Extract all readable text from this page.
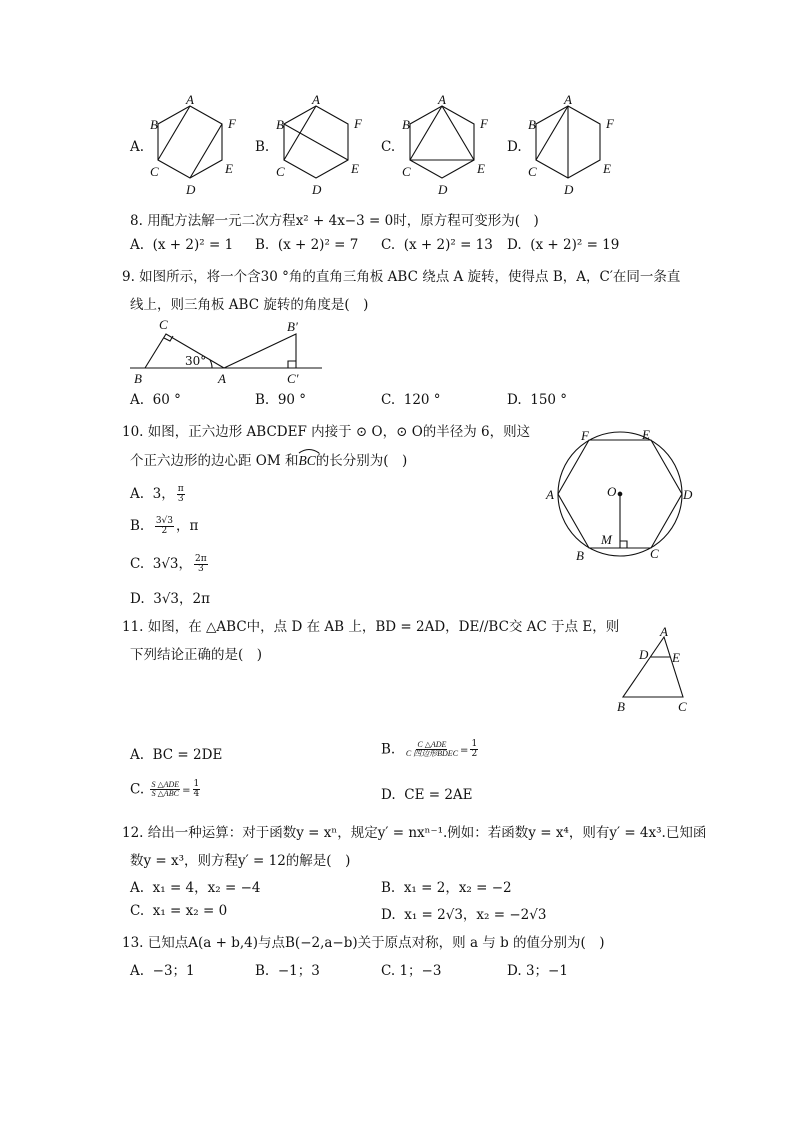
A.	B.	C.	D.
A
B	F
C	E
D
A
B	F
C	E
D
A
B	F
C	E
D
A
B	F
C	E
D
8. 用配方法解一元二次方程x² + 4x−3 = 0时，原方程可变形为(　)
A. (x + 2)² = 1 B. (x + 2)² = 7 C. (x + 2)² = 13 D. (x + 2)² = 19
9. 如图所示，将一个含30 °角的直角三角板 ABC 绕点 A 旋转，使得点 B，A，C′在同一条直
线上，则三角板 ABC 旋转的角度是(　)
C
B	A
B′
C′
30°
A. 60 °	B. 90 °	C. 120 °	D. 150 °
10. 如图，正六边形 ABCDEF 内接于 ⊙ O，⊙ O的半径为 6，则这
个正六边形的边心距 OM 和
BC的长分别为(　)
A. 3， $\frac{\pi}{3}$
B. $\frac{3√3}{2}$ ，π
C. 3√3， $\frac{2\pi}{3}$
D. 3√3，2π
F	E
A	O	D
M
B	C
11. 如图，在 △ABC中，点 D 在 AB 上，BD = 2AD，DE//BC交 AC 于点 E，则
下列结论正确的是(　)
A
D E
B	C
A. BC = 2DE	B. $\frac{\text{C △ADE}}{\text{C 四边形BDEC}} = \frac{1}{2}$
C. $\frac{\text{S △ADE}}{\text{S △ABC}} = \frac{1}{4}$	D. CE = 2AE
12. 给出一种运算：对于函数y = xⁿ，规定y′ = nxⁿ⁻¹.例如：若函数y = x⁴，则有y′ = 4x³.已知函
数y = x³，则方程y′ = 12的解是(　)
A. x₁ = 4，x₂ = −4	B. x₁ = 2，x₂ = −2
C. x₁ = x₂ = 0	D. x₁ = 2√3，x₂ = −2√3
13. 已知点A(a + b,4)与点B(−2,a−b)关于原点对称，则 a 与 b 的值分别为(　)
A. −3；1	B. −1；3	C. 1；−3	D. 3；−1
